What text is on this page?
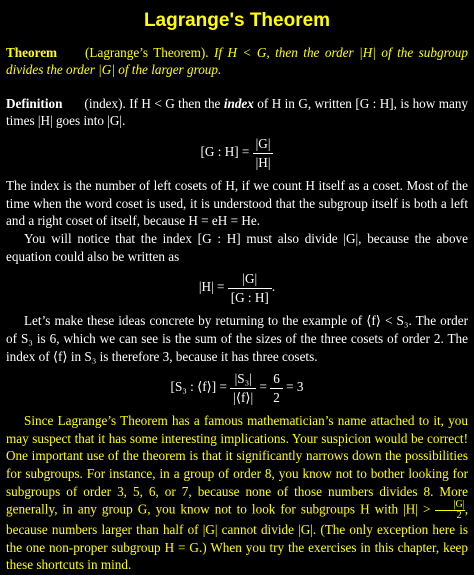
Lagrange's Theorem
Theorem (Lagrange’s Theorem). If H < G, then the order |H| of the subgroup divides the order |G| of the larger group.
Definition (index). If H < G then the index of H in G, written [G : H], is how many times |H| goes into |G|.
[G : $H] = \frac{|G|}{|H|}$
The index is the number of left cosets of H, if we count H itself as a coset. Most of the time when the word coset is used, it is understood that the subgroup itself is both a left and a right coset of itself, because H = eH = He.
You will notice that the index [G : H] must also divide |G|, because the above equation could also be written as
$|H| = \frac{|G|}{[G : H]}$ .
Let’s make these ideas concrete by returning to the example of ⟨f⟩ < S₃. The order of S₃ is 6, which we can see is the sum of the sizes of the three cosets of order 2. The index of ⟨f⟩ in S₃ is therefore 3, because it has three cosets.
[S₃ : ⟨f⟩] = $\frac{\text{|S₃|}}{|⟨f⟩|} = \frac{6}{2} = 3$
Since Lagrange’s Theorem has a famous mathematician’s name attached to it, you may suspect that it has some interesting implications. Your suspicion would be correct! One important use of the theorem is that it significantly narrows down the possibilities for subgroups. For instance, in a group of order 8, you know not to bother looking for subgroups of order 3, 5, 6, or 7, because none of those numbers divides 8. More generally, in any group G, you know not to look for subgroups H with $|H| > \frac{|G|}{2}$ , because numbers larger than half of |G| cannot divide |G|. (The only exception here is the one non-proper subgroup H = G.) When you try the exercises in this chapter, keep these shortcuts in mind.
